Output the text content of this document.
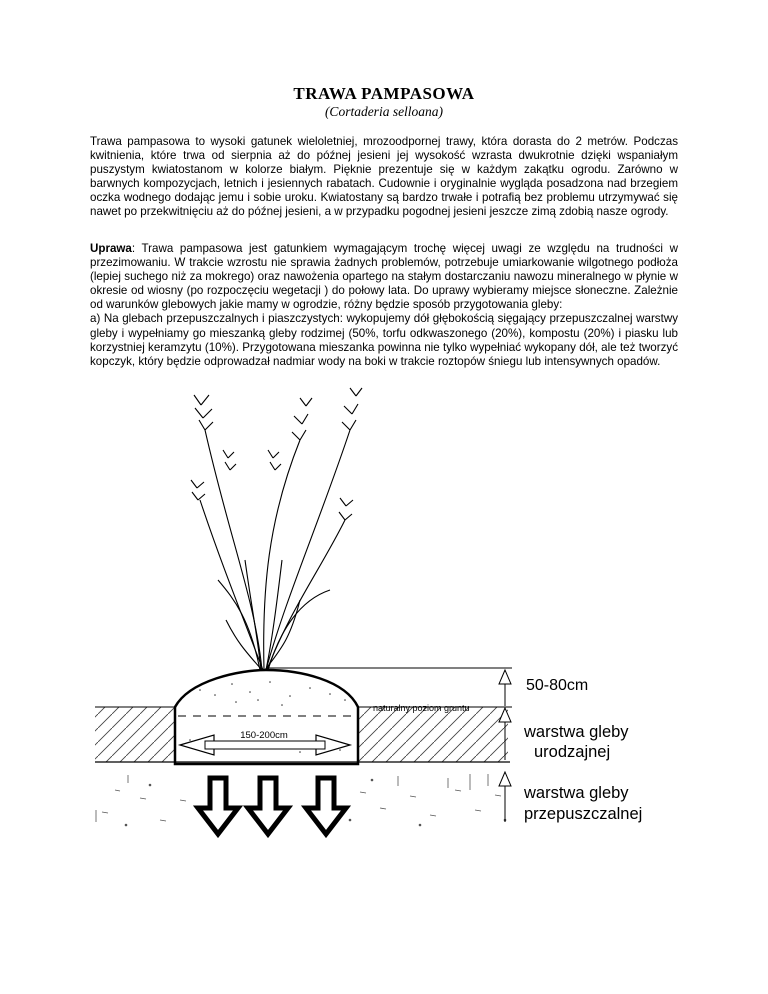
TRAWA PAMPASOWA
(Cortaderia selloana)

Trawa pampasowa to wysoki gatunek wieloletniej, mrozoodpornej trawy, która dorasta do 2 metrów. Podczas kwitnienia, które trwa od sierpnia aż do późnej jesieni jej wysokość wzrasta dwukrotnie dzięki wspaniałym puszystym kwiatostanom w kolorze białym. Pięknie prezentuje się w każdym zakątku ogrodu. Zarówno w barwnych kompozycjach, letnich i jesiennych rabatach. Cudownie i oryginalnie wygląda posadzona nad brzegiem oczka wodnego dodając jemu i sobie uroku. Kwiatostany są bardzo trwałe i potrafią bez problemu utrzymywać się nawet po przekwitnięciu aż do późnej jesieni, a w przypadku pogodnej jesieni jeszcze zimą zdobią nasze ogrody.

Uprawa: Trawa pampasowa jest gatunkiem wymagającym trochę więcej uwagi ze względu na trudności w przezimowaniu. W trakcie wzrostu nie sprawia żadnych problemów, potrzebuje umiarkowanie wilgotnego podłoża (lepiej suchego niż za mokrego) oraz nawożenia opartego na stałym dostarczaniu nawozu mineralnego w płynie w okresie od wiosny (po rozpoczęciu wegetacji ) do połowy lata. Do uprawy wybieramy miejsce słoneczne. Zależnie od warunków glebowych jakie mamy w ogrodzie, różny będzie sposób przygotowania gleby:
a) Na glebach przepuszczalnych i piaszczystych: wykopujemy dół głębokością sięgający przepuszczalnej warstwy gleby i wypełniamy go mieszanką gleby rodzimej (50%, torfu odkwaszonego (20%), kompostu (20%) i piasku lub korzystniej keramzytu (10%). Przygotowana mieszanka powinna nie tylko wypełniać wykopany dół, ale też tworzyć kopczyk, który będzie odprowadzał nadmiar wody na boki w trakcie roztopów śniegu lub intensywnych opadów.
150-200cm
50-80cm
naturalny poziom gruntu
warstwa gleby
urodzajnej
warstwa gleby
przepuszczalnej
